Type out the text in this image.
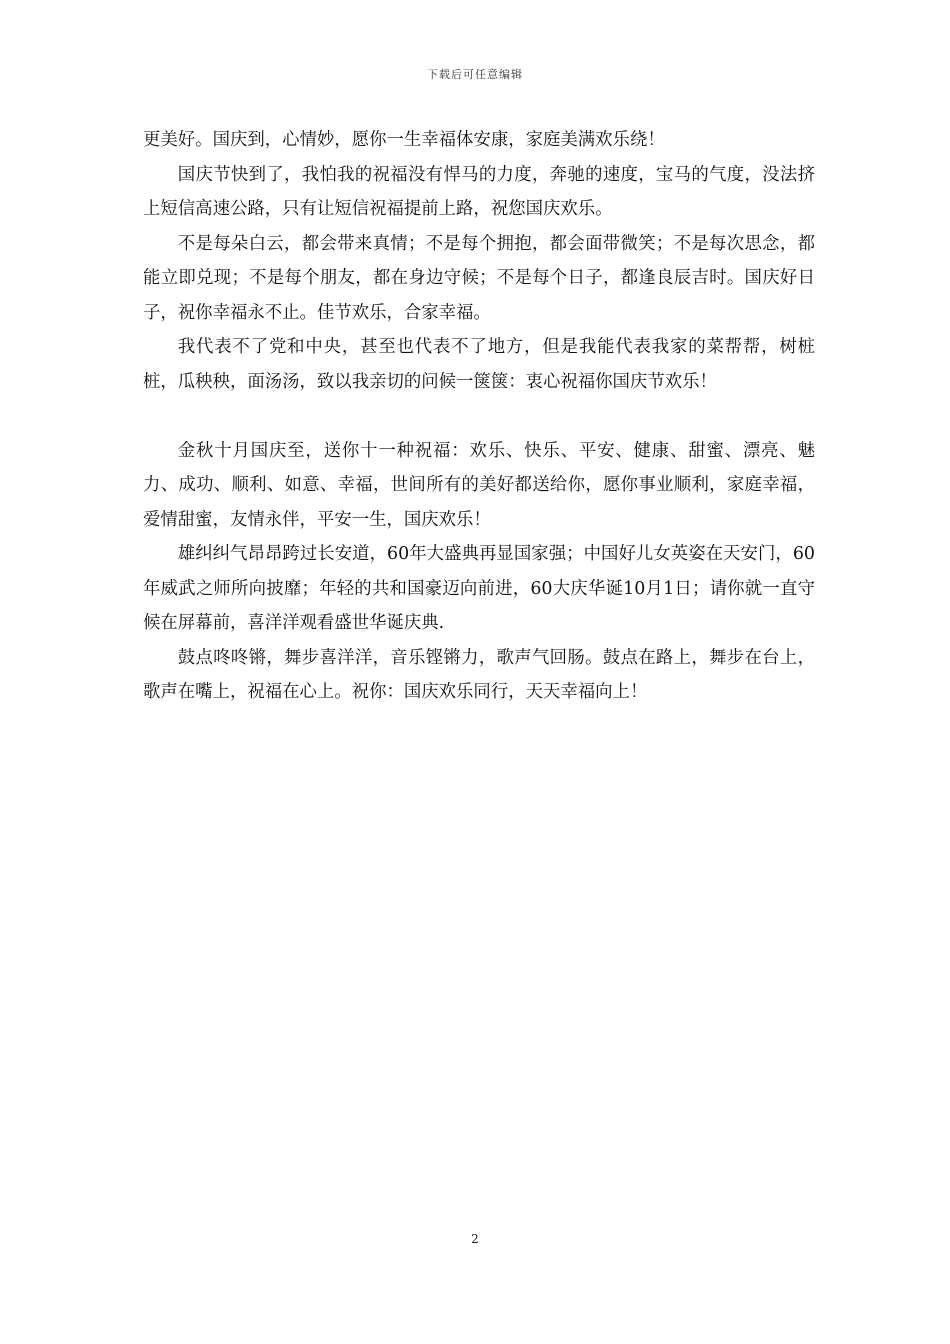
下载后可任意编辑

更美好。国庆到，心情妙，愿你一生幸福体安康，家庭美满欢乐绕！

国庆节快到了，我怕我的祝福没有悍马的力度，奔驰的速度，宝马的气度，没法挤上短信高速公路，只有让短信祝福提前上路，祝您国庆欢乐。

不是每朵白云，都会带来真情；不是每个拥抱，都会面带微笑；不是每次思念，都能立即兑现；不是每个朋友，都在身边守候；不是每个日子，都逢良辰吉时。国庆好日子，祝你幸福永不止。佳节欢乐，合家幸福。

我代表不了党和中央，甚至也代表不了地方，但是我能代表我家的菜帮帮，树桩桩，瓜秧秧，面汤汤，致以我亲切的问候一箧箧：衷心祝福你国庆节欢乐！

金秋十月国庆至，送你十一种祝福：欢乐、快乐、平安、健康、甜蜜、漂亮、魅力、成功、顺利、如意、幸福，世间所有的美好都送给你，愿你事业顺利，家庭幸福，爱情甜蜜，友情永伴，平安一生，国庆欢乐！

雄纠纠气昂昂跨过长安道，60年大盛典再显国家强；中国好儿女英姿在天安门，60年威武之师所向披靡；年轻的共和国豪迈向前进，60大庆华诞10月1日；请你就一直守候在屏幕前，喜洋洋观看盛世华诞庆典.

鼓点咚咚锵，舞步喜洋洋，音乐铿锵力，歌声气回肠。鼓点在路上，舞步在台上，歌声在嘴上，祝福在心上。祝你：国庆欢乐同行，天天幸福向上！

2
